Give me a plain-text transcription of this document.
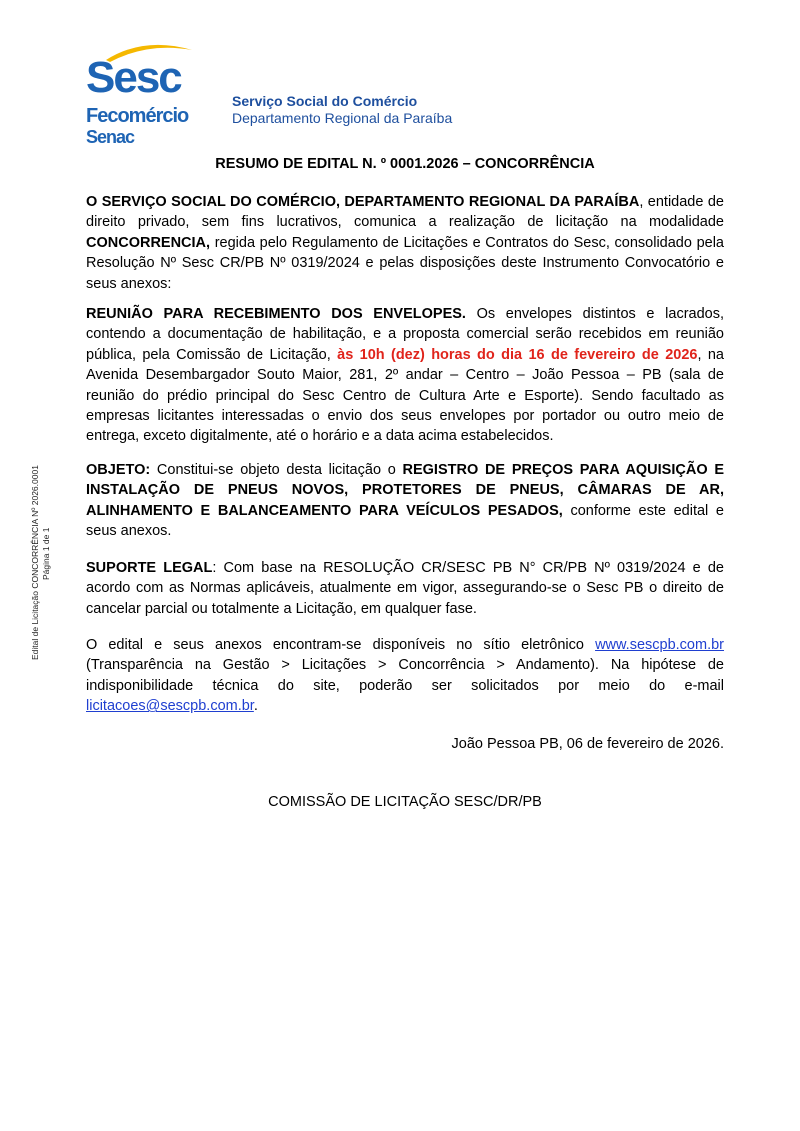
Sesc
Fecomércio
Senac
Serviço Social do Comércio
Departamento Regional da Paraíba
Edital de Licitação CONCORRÊNCIA Nº 2026.0001 Página 1 de 1
RESUMO DE EDITAL N. º 0001.2026 – CONCORRÊNCIA

O SERVIÇO SOCIAL DO COMÉRCIO, DEPARTAMENTO REGIONAL DA PARAÍBA, entidade de direito privado, sem fins lucrativos, comunica a realização de licitação na modalidade CONCORRENCIA, regida pelo Regulamento de Licitações e Contratos do Sesc, consolidado pela Resolução Nº Sesc CR/PB Nº 0319/2024 e pelas disposições deste Instrumento Convocatório e seus anexos:

REUNIÃO PARA RECEBIMENTO DOS ENVELOPES. Os envelopes distintos e lacrados, contendo a documentação de habilitação, e a proposta comercial serão recebidos em reunião pública, pela Comissão de Licitação, às 10h (dez) horas do dia 16 de fevereiro de 2026, na Avenida Desembargador Souto Maior, 281, 2º andar – Centro – João Pessoa – PB (sala de reunião do prédio principal do Sesc Centro de Cultura Arte e Esporte). Sendo facultado as empresas licitantes interessadas o envio dos seus envelopes por portador ou outro meio de entrega, exceto digitalmente, até o horário e a data acima estabelecidos.

OBJETO: Constitui-se objeto desta licitação o REGISTRO DE PREÇOS PARA AQUISIÇÃO E INSTALAÇÃO DE PNEUS NOVOS, PROTETORES DE PNEUS, CÂMARAS DE AR, ALINHAMENTO E BALANCEAMENTO PARA VEÍCULOS PESADOS, conforme este edital e seus anexos.

SUPORTE LEGAL: Com base na RESOLUÇÃO CR/SESC PB N° CR/PB Nº 0319/2024 e de acordo com as Normas aplicáveis, atualmente em vigor, assegurando-se o Sesc PB o direito de cancelar parcial ou totalmente a Licitação, em qualquer fase.

O edital e seus anexos encontram-se disponíveis no sítio eletrônico www.sescpb.com.br (Transparência na Gestão > Licitações > Concorrência > Andamento). Na hipótese de indisponibilidade técnica do site, poderão ser solicitados por meio do e-mail licitacoes@sescpb.com.br.

João Pessoa PB, 06 de fevereiro de 2026.

COMISSÃO DE LICITAÇÃO SESC/DR/PB
